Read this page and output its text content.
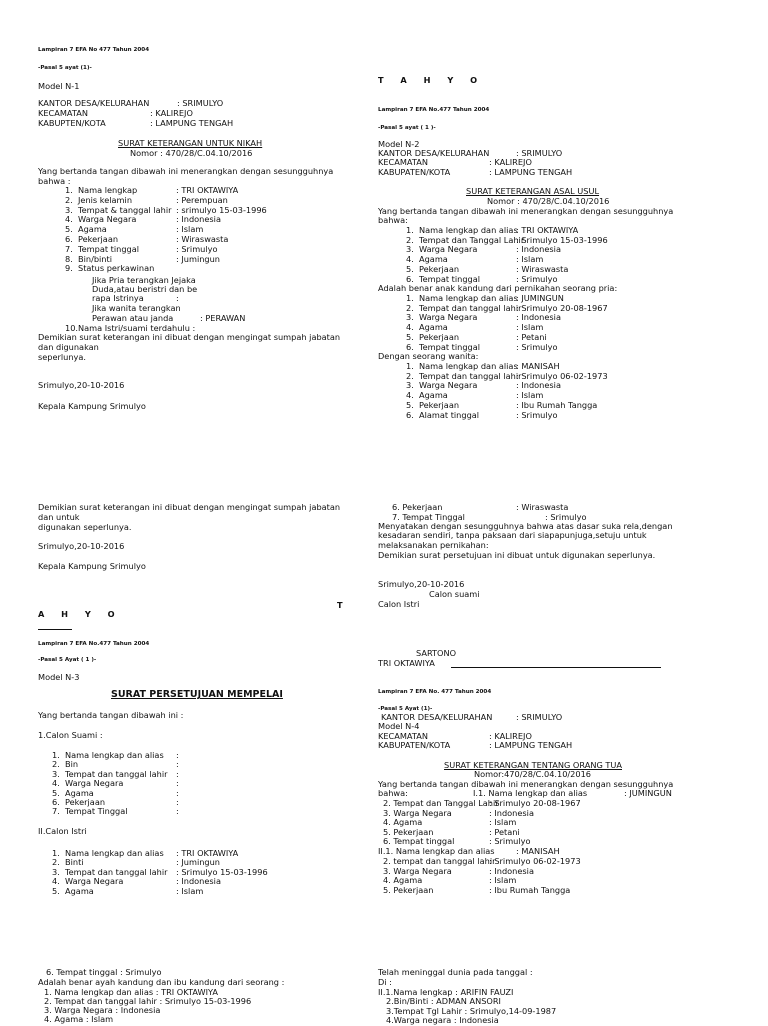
Lampiran 7 EFA No 477 Tahun 2004
-Pasal 5 ayat (1)-
Model N-1
KANTOR DESA/KELURAHAN	: SRIMULYO
KECAMATAN	: KALIREJO
KABUPTEN/KOTA	: LAMPUNG TENGAH
SURAT KETERANGAN UNTUK NIKAH
Nomor : 470/28/C.04.10/2016
Yang bertanda tangan dibawah ini menerangkan dengan sesungguhnya
bahwa :
1. Nama lengkap	: TRI OKTAWIYA
2. Jenis kelamin	: Perempuan
3. Tempat & tanggal lahir : srimulyo 15-03-1996
4. Warga Negara	: Indonesia
5. Agama	: Islam
6. Pekerjaan	: Wiraswasta
7. Tempat tinggal	: Srimulyo
8. Bin/binti	: Jumingun
9. Status perkawinan
Jika Pria terangkan Jejaka
Duda,atau beristri dan be
rapa Istrinya	:
Jika wanita terangkan
Perawan atau janda	: PERAWAN
10.Nama Istri/suami terdahulu :
Demikian surat keterangan ini dibuat dengan mengingat sumpah jabatan
dan digunakan
seperlunya.
Srimulyo,20-10-2016
Kepala Kampung Srimulyo
T A H Y O
Lampiran 7 EFA No.477 Tahun 2004
-Pasal 5 ayat ( 1 )-
Model N-2
KANTOR DESA/KELURAHAN	: SRIMULYO
KECAMATAN	: KALIREJO
KABUPATEN/KOTA	: LAMPUNG TENGAH
SURAT KETERANGAN ASAL USUL
Nomor : 470/28/C.04.10/2016
Yang bertanda tangan dibawah ini menerangkan dengan sesungguhnya
bahwa:
1. Nama lengkap dan alias
: TRI OKTAWIYA
2. Tempat dan Tanggal Lahir
: Srimulyo 15-03-1996
3. Warga Negara	: Indonesia
4. Agama	: Islam
5. Pekerjaan	: Wiraswasta
6. Tempat tinggal	: Srimulyo
Adalah benar anak kandung dari pernikahan seorang pria:
1. Nama lengkap dan alias
: JUMINGUN
2. Tempat dan tanggal lahir
: Srimulyo 20-08-1967
3. Warga Negara	: Indonesia
4. Agama	: Islam
5. Pekerjaan	: Petani
6. Tempat tinggal	: Srimulyo
Dengan seorang wanita:
1. Nama lengkap dan alias
: MANISAH
2. Tempat dan tanggal lahir
: Srimulyo 06-02-1973
3. Warga Negara	: Indonesia
4. Agama	: Islam
5. Pekerjaan	: Ibu Rumah Tangga
6. Alamat tinggal	: Srimulyo
Demikian surat keterangan ini dibuat dengan mengingat sumpah jabatan
dan untuk
digunakan seperlunya.
Srimulyo,20-10-2016
Kepala Kampung Srimulyo
T
A H Y O
Lampiran 7 EFA No.477 Tahun 2004
-Pasal 5 Ayat ( 1 )-
Model N-3
SURAT PERSETUJUAN MEMPELAI
Yang bertanda tangan dibawah ini :
1.Calon Suami :
1. Nama lengkap dan alias :
2. Bin	:
3. Tempat dan tanggal lahir :
4. Warga Negara	:
5. Agama	:
6. Pekerjaan	:
7. Tempat Tinggal	:
II.Calon Istri
1. Nama lengkap dan alias : TRI OKTAWIYA
2. Binti	: Jumingun
3. Tempat dan tanggal lahir : Srimulyo 15-03-1996
4. Warga Negara	: Indonesia
5. Agama	: Islam
6. Tempat tinggal : Srimulyo
Adalah benar ayah kandung dan ibu kandung dari seorang :
1. Nama lengkap dan alias : TRI OKTAWIYA
2. Tempat dan tanggal lahir : Srimulyo 15-03-1996
3. Warga Negara : Indonesia
4. Agama : Islam
6. Pekerjaan	: Wiraswasta
7. Tempat Tinggal	: Srimulyo
Menyatakan dengan sesungguhnya bahwa atas dasar suka rela,dengan
kesadaran sendiri, tanpa paksaan dari siapapunjuga,setuju untuk
melaksanakan pernikahan:
Demikian surat persetujuan ini dibuat untuk digunakan seperlunya.
Srimulyo,20-10-2016
Calon suami
Calon Istri
SARTONO
TRI OKTAWIYA
Lampiran 7 EFA No. 477 Tahun 2004
-Pasal 5 Ayat (1)-
KANTOR DESA/KELURAHAN	: SRIMULYO
Model N-4
KECAMATAN	: KALIREJO
KABUPATEN/KOTA	: LAMPUNG TENGAH
SURAT KETERANGAN TENTANG ORANG TUA
Nomor:470/28/C.04.10/2016
Yang bertanda tangan dibawah ini menerangkan dengan sesungguhnya
bahwa:	I.1. Nama lengkap dan alias	: JUMINGUN
2. Tempat dan Tanggal Lahir
: Srimulyo 20-08-1967
3. Warga Negara	: Indonesia
4. Agama	: Islam
5. Pekerjaan	: Petani
6. Tempat tinggal	: Srimulyo
II.1. Nama lengkap dan alias	: MANISAH
2. tempat dan tanggal lahir
: Srimulyo 06-02-1973
3. Warga Negara	: Indonesia
4. Agama	: Islam
5. Pekerjaan	: Ibu Rumah Tangga
Telah meninggal dunia pada tanggal :
Di :
II.1.Nama lengkap : ARIFIN FAUZI
2.Bin/Binti : ADMAN ANSORI
3.Tempat Tgl Lahir : Srimulyo,14-09-1987
4.Warga negara : Indonesia
